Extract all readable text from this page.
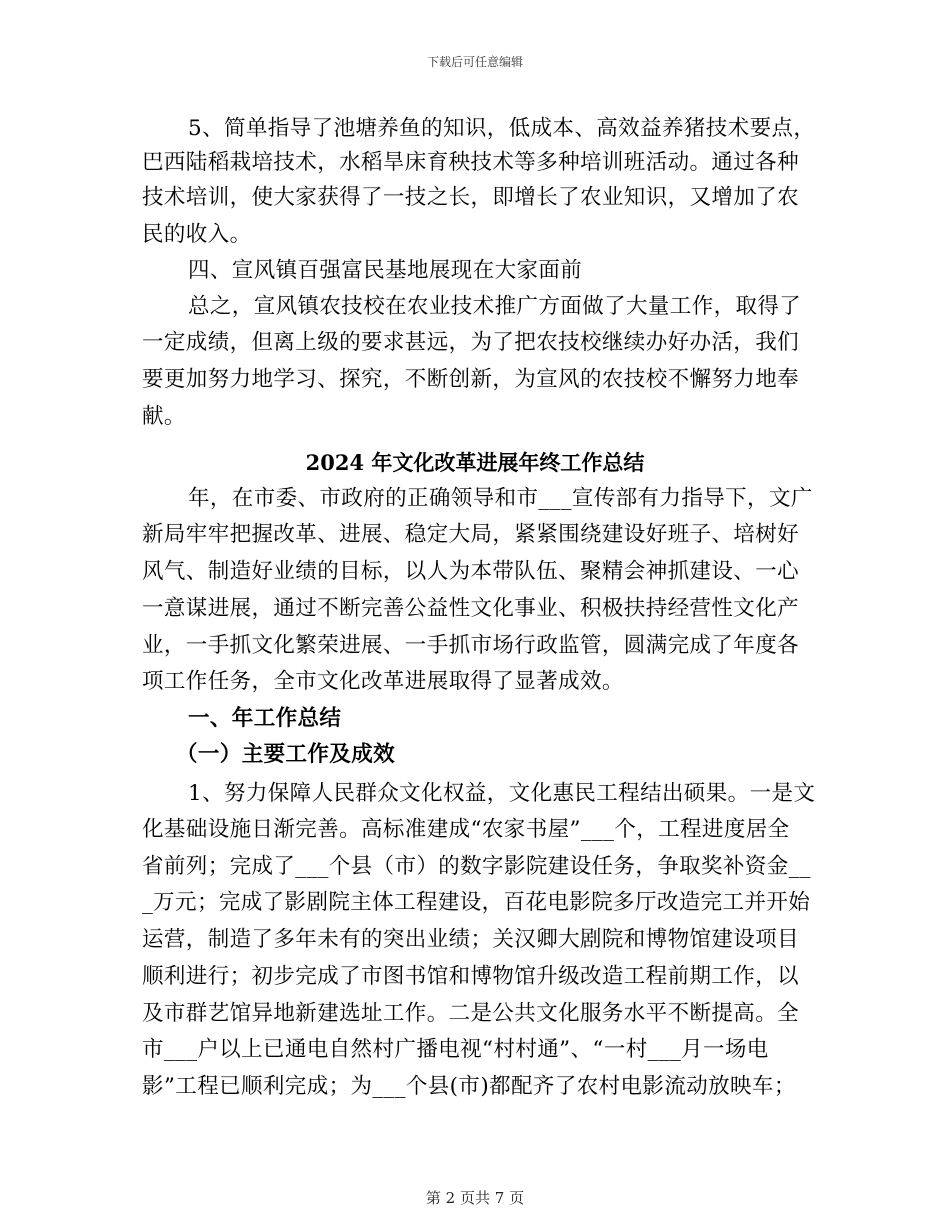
下载后可任意编辑
5、简单指导了池塘养鱼的知识，低成本、高效益养猪技术要点，
巴西陆稻栽培技术，水稻旱床育秧技术等多种培训班活动。通过各种
技术培训，使大家获得了一技之长，即增长了农业知识，又增加了农
民的收入。
四、宣风镇百强富民基地展现在大家面前
总之，宣风镇农技校在农业技术推广方面做了大量工作，取得了
一定成绩，但离上级的要求甚远，为了把农技校继续办好办活，我们
要更加努力地学习、探究，不断创新，为宣风的农技校不懈努力地奉
献。
2024 年文化改革进展年终工作总结
年，在市委、市政府的正确领导和市___宣传部有力指导下，文广
新局牢牢把握改革、进展、稳定大局，紧紧围绕建设好班子、培树好
风气、制造好业绩的目标，以人为本带队伍、聚精会神抓建设、一心
一意谋进展，通过不断完善公益性文化事业、积极扶持经营性文化产
业，一手抓文化繁荣进展、一手抓市场行政监管，圆满完成了年度各
项工作任务，全市文化改革进展取得了显著成效。
一、年工作总结
（一）主要工作及成效
1、努力保障人民群众文化权益，文化惠民工程结出硕果。一是文
化基础设施日渐完善。高标准建成“农家书屋”___个，工程进度居全
省前列；完成了___个县（市）的数字影院建设任务，争取奖补资金__
_万元；完成了影剧院主体工程建设，百花电影院多厅改造完工并开始
运营，制造了多年未有的突出业绩；关汉卿大剧院和博物馆建设项目
顺利进行；初步完成了市图书馆和博物馆升级改造工程前期工作，以
及市群艺馆异地新建选址工作。二是公共文化服务水平不断提高。全
市___户以上已通电自然村广播电视“村村通”、“一村___月一场电
影”工程已顺利完成；为___个县(市)都配齐了农村电影流动放映车；
第 2 页共 7 页
